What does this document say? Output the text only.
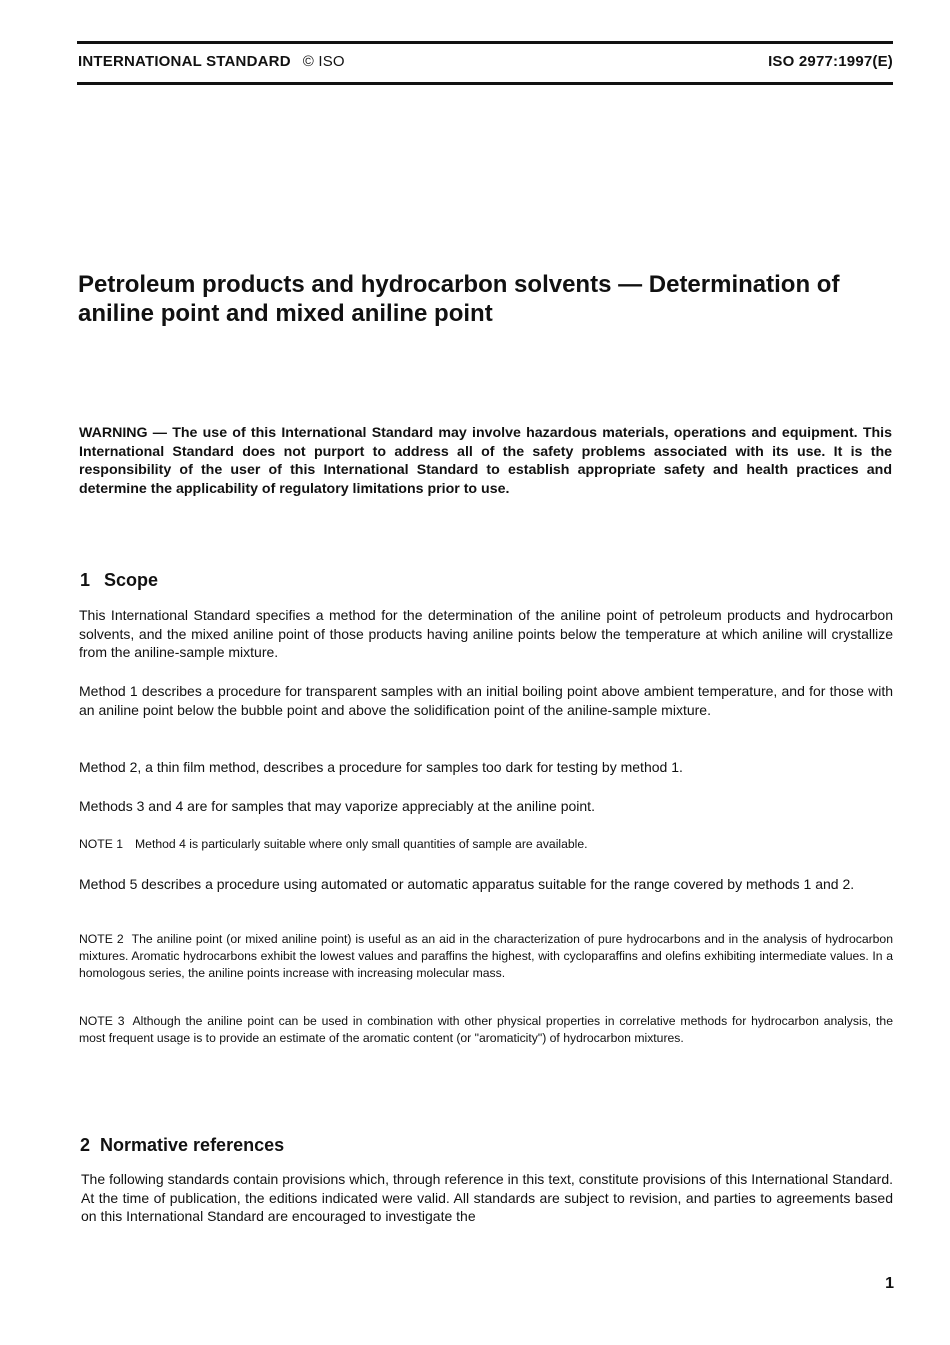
INTERNATIONAL STANDARD © ISO	ISO 2977:1997(E)
Petroleum products and hydrocarbon solvents — Determination of aniline point and mixed aniline point

WARNING — The use of this International Standard may involve hazardous materials, operations and equipment. This International Standard does not purport to address all of the safety problems associated with its use. It is the responsibility of the user of this International Standard to establish appropriate safety and health practices and determine the applicability of regulatory limitations prior to use.

1 Scope

This International Standard specifies a method for the determination of the aniline point of petroleum products and hydrocarbon solvents, and the mixed aniline point of those products having aniline points below the temperature at which aniline will crystallize from the aniline-sample mixture.

Method 1 describes a procedure for transparent samples with an initial boiling point above ambient temperature, and for those with an aniline point below the bubble point and above the solidification point of the aniline-sample mixture.

Method 2, a thin film method, describes a procedure for samples too dark for testing by method 1.

Methods 3 and 4 are for samples that may vaporize appreciably at the aniline point.

NOTE 1 Method 4 is particularly suitable where only small quantities of sample are available.

Method 5 describes a procedure using automated or automatic apparatus suitable for the range covered by methods 1 and 2.

NOTE 2 The aniline point (or mixed aniline point) is useful as an aid in the characterization of pure hydrocarbons and in the analysis of hydrocarbon mixtures. Aromatic hydrocarbons exhibit the lowest values and paraffins the highest, with cycloparaffins and olefins exhibiting intermediate values. In a homologous series, the aniline points increase with increasing molecular mass.

NOTE 3 Although the aniline point can be used in combination with other physical properties in correlative methods for hydrocarbon analysis, the most frequent usage is to provide an estimate of the aromatic content (or "aromaticity") of hydrocarbon mixtures.

2 Normative references

The following standards contain provisions which, through reference in this text, constitute provisions of this International Standard. At the time of publication, the editions indicated were valid. All standards are subject to revision, and parties to agreements based on this International Standard are encouraged to investigate the

1
